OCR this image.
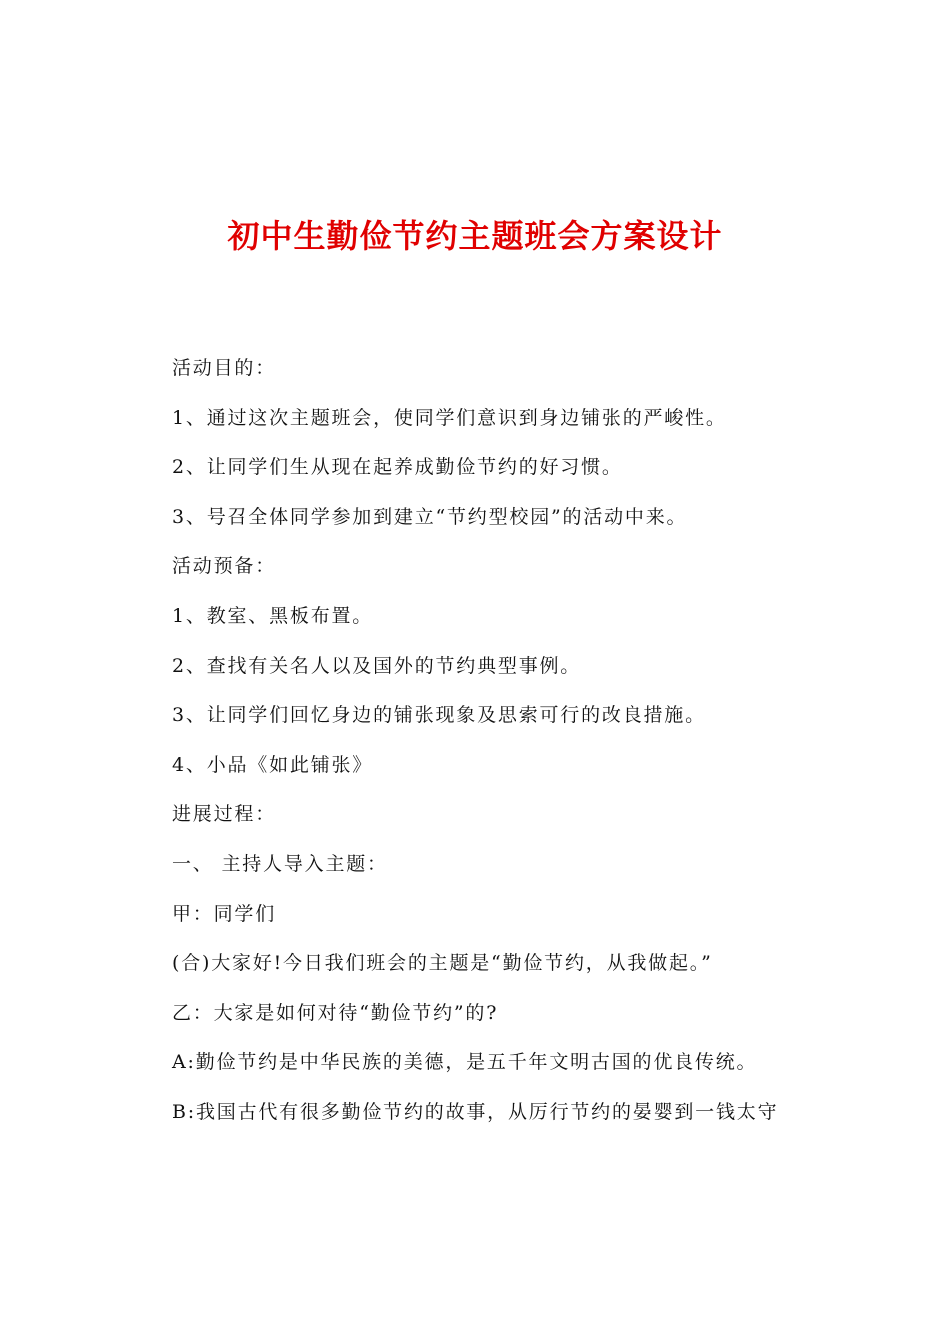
初中生勤俭节约主题班会方案设计

活动目的：

1、通过这次主题班会，使同学们意识到身边铺张的严峻性。

2、让同学们生从现在起养成勤俭节约的好习惯。

3、号召全体同学参加到建立“节约型校园”的活动中来。

活动预备：

1、教室、黑板布置。

2、查找有关名人以及国外的节约典型事例。

3、让同学们回忆身边的铺张现象及思索可行的改良措施。

4、小品《如此铺张》

进展过程：

一、 主持人导入主题：

甲：同学们

(合)大家好!今日我们班会的主题是“勤俭节约，从我做起。”

乙：大家是如何对待“勤俭节约”的?

A:勤俭节约是中华民族的美德，是五千年文明古国的优良传统。

B:我国古代有很多勤俭节约的故事，从厉行节约的晏婴到一钱太守
